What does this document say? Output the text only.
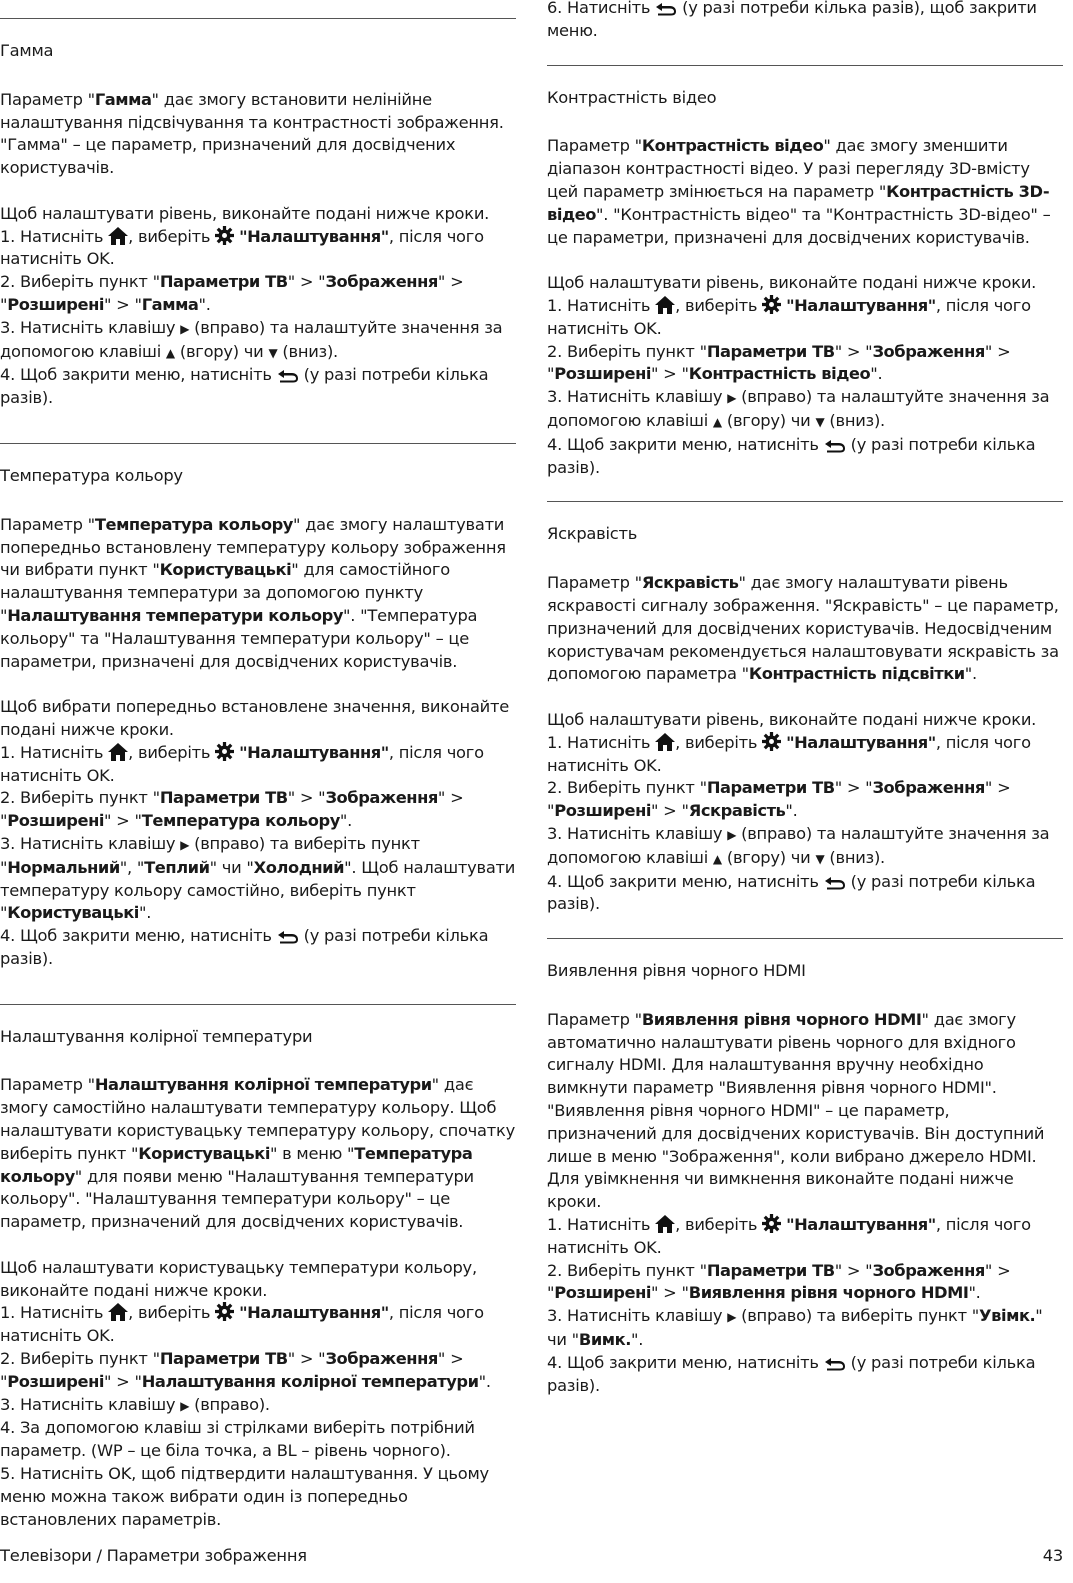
Гамма

Параметр "Гамма" дає змогу встановити нелінійне налаштування підсвічування та контрастності зображення. "Гамма" – це параметр, призначений для досвідчених користувачів.

Щоб налаштувати рівень, виконайте подані нижче кроки.

1. Натисніть , виберіть "Налаштування", після чого натисніть OK.

2. Виберіть пункт "Параметри ТВ" > "Зображення" > "Розширені" > "Гамма".

3. Натисніть клавішу ▶ (вправо) та налаштуйте значення за допомогою клавіші ▲ (вгору) чи ▼ (вниз).

4. Щоб закрити меню, натисніть (у разі потреби кілька разів).

Температура кольору

Параметр "Температура кольору" дає змогу налаштувати попередньо встановлену температуру кольору зображення чи вибрати пункт "Користувацькі" для самостійного налаштування температури за допомогою пункту "Налаштування температури кольору". "Температура кольору" та "Налаштування температури кольору" – це параметри, призначені для досвідчених користувачів.

Щоб вибрати попередньо встановлене значення, виконайте подані нижче кроки.

1. Натисніть , виберіть "Налаштування", після чого натисніть OK.

2. Виберіть пункт "Параметри ТВ" > "Зображення" > "Розширені" > "Температура кольору".

3. Натисніть клавішу ▶ (вправо) та виберіть пункт "Нормальний", "Теплий" чи "Холодний". Щоб налаштувати температуру кольору самостійно, виберіть пункт "Користувацькі".

4. Щоб закрити меню, натисніть (у разі потреби кілька разів).

Налаштування колірної температури

Параметр "Налаштування колірної температури" дає змогу самостійно налаштувати температуру кольору. Щоб налаштувати користувацьку температуру кольору, спочатку виберіть пункт "Користувацькі" в меню "Температура кольору" для появи меню "Налаштування температури кольору". "Налаштування температури кольору" – це параметр, призначений для досвідчених користувачів.

Щоб налаштувати користувацьку температури кольору, виконайте подані нижче кроки.

1. Натисніть , виберіть "Налаштування", після чого натисніть OK.

2. Виберіть пункт "Параметри ТВ" > "Зображення" > "Розширені" > "Налаштування колірної температури".

3. Натисніть клавішу ▶ (вправо).

4. За допомогою клавіш зі стрілками виберіть потрібний параметр. (WP – це біла точка, а BL – рівень чорного).

5. Натисніть OK, щоб підтвердити налаштування. У цьому меню можна також вибрати один із попередньо встановлених параметрів.

6. Натисніть (у разі потреби кілька разів), щоб закрити меню.

Контрастність відео

Параметр "Контрастність відео" дає змогу зменшити діапазон контрастності відео. У разі перегляду 3D-вмісту цей параметр змінюється на параметр "Контрастність 3D-відео". "Контрастність відео" та "Контрастність 3D-відео" – це параметри, призначені для досвідчених користувачів.

Щоб налаштувати рівень, виконайте подані нижче кроки.

1. Натисніть , виберіть "Налаштування", після чого натисніть OK.

2. Виберіть пункт "Параметри ТВ" > "Зображення" > "Розширені" > "Контрастність відео".

3. Натисніть клавішу ▶ (вправо) та налаштуйте значення за допомогою клавіші ▲ (вгору) чи ▼ (вниз).

4. Щоб закрити меню, натисніть (у разі потреби кілька разів).

Яскравість

Параметр "Яскравість" дає змогу налаштувати рівень яскравості сигналу зображення. "Яскравість" – це параметр, призначений для досвідчених користувачів. Недосвідченим користувачам рекомендується налаштовувати яскравість за допомогою параметра "Контрастність підсвітки".

Щоб налаштувати рівень, виконайте подані нижче кроки.

1. Натисніть , виберіть "Налаштування", після чого натисніть OK.

2. Виберіть пункт "Параметри ТВ" > "Зображення" > "Розширені" > "Яскравість".

3. Натисніть клавішу ▶ (вправо) та налаштуйте значення за допомогою клавіші ▲ (вгору) чи ▼ (вниз).

4. Щоб закрити меню, натисніть (у разі потреби кілька разів).

Виявлення рівня чорного HDMI

Параметр "Виявлення рівня чорного HDMI" дає змогу автоматично налаштувати рівень чорного для вхідного сигналу HDMI. Для налаштування вручну необхідно вимкнути параметр "Виявлення рівня чорного HDMI". "Виявлення рівня чорного HDMI" – це параметр, призначений для досвідчених користувачів. Він доступний лише в меню "Зображення", коли вибрано джерело HDMI. Для увімкнення чи вимкнення виконайте подані нижче кроки.

1. Натисніть , виберіть "Налаштування", після чого натисніть OK.

2. Виберіть пункт "Параметри ТВ" > "Зображення" > "Розширені" > "Виявлення рівня чорного HDMI".

3. Натисніть клавішу ▶ (вправо) та виберіть пункт "Увімк." чи "Вимк.".

4. Щоб закрити меню, натисніть (у разі потреби кілька разів).

Телевізори / Параметри зображення	43
